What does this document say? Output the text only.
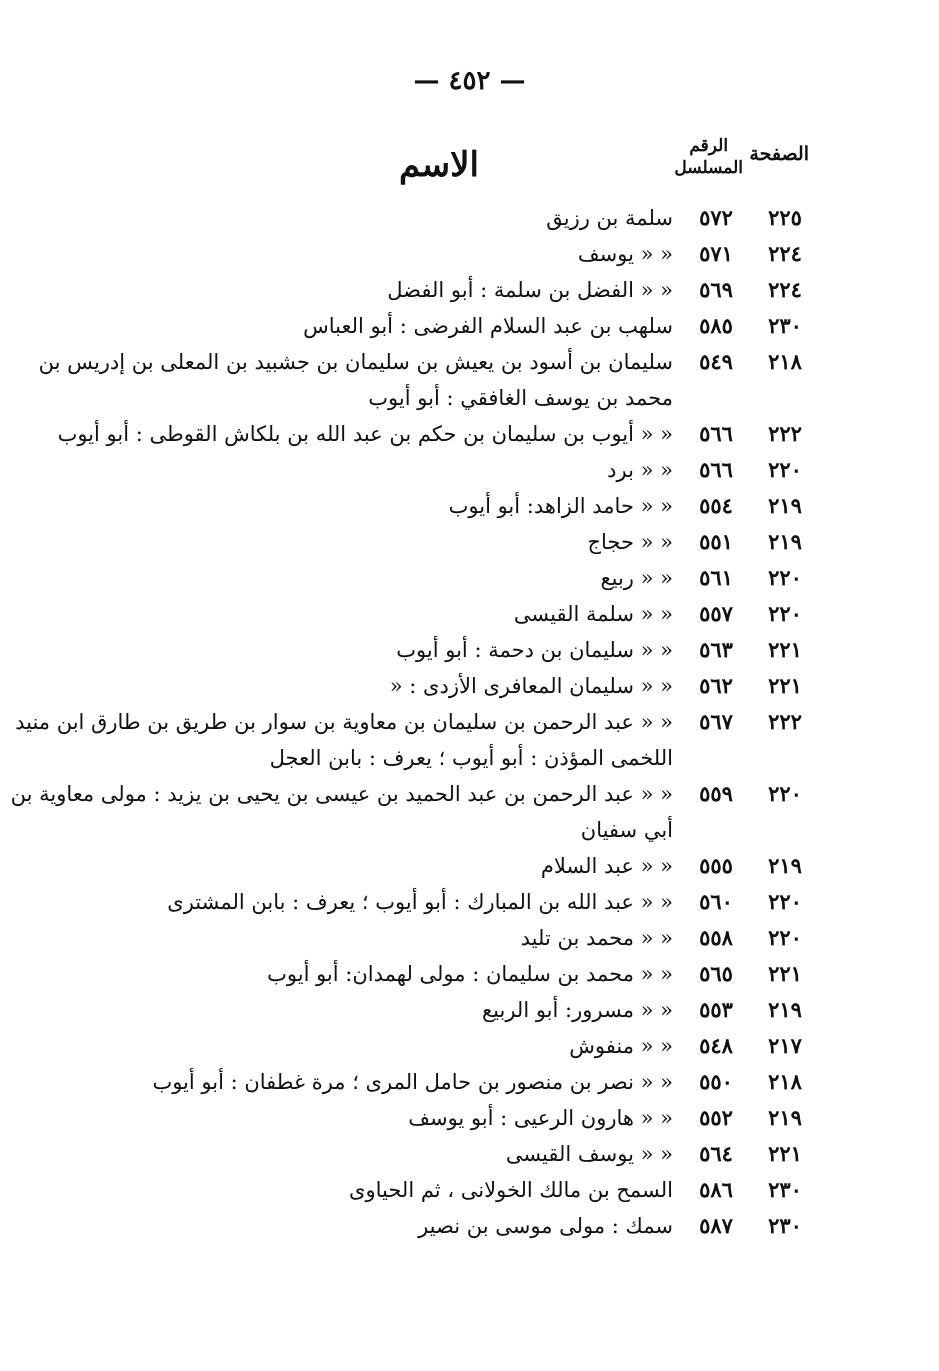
— ٤٥٢ —
الصفحة
الرقم
المسلسل
الاسم
٢٢٥
٥٧٢
سلمة بن رزيق
٢٢٤
٥٧١
« « يوسف
٢٢٤
٥٦٩
« « الفضل بن سلمة : أبو الفضل
٢٣٠
٥٨٥
سلهب بن عبد السلام الفرضى : أبو العباس
٢١٨
٥٤٩
سليمان بن أسود بن يعيش بن سليمان بن جشبيد بن المعلى بن إدريس بن محمد بن يوسف الغافقي : أبو أيوب
٢٢٢
٥٦٦
« « أيوب بن سليمان بن حكم بن عبد الله بن بلكاش القوطى : أبو أيوب
٢٢٠
٥٦٦
« « برد
٢١٩
٥٥٤
« « حامد الزاهد: أبو أيوب
٢١٩
٥٥١
« « حجاج
٢٢٠
٥٦١
« « ربيع
٢٢٠
٥٥٧
« « سلمة القيسى
٢٢١
٥٦٣
« « سليمان بن دحمة : أبو أيوب
٢٢١
٥٦٢
« « سليمان المعافرى الأزدى : «
٢٢٢
٥٦٧
« « عبد الرحمن بن سليمان بن معاوية بن سوار بن طريق بن طارق ابن منيد اللخمى المؤذن : أبو أيوب ؛ يعرف : بابن العجل
٢٢٠
٥٥٩
« « عبد الرحمن بن عبد الحميد بن عيسى بن يحيى بن يزيد : مولى معاوية بن أبي سفيان
٢١٩
٥٥٥
« « عبد السلام
٢٢٠
٥٦٠
« « عبد الله بن المبارك : أبو أيوب ؛ يعرف : بابن المشترى
٢٢٠
٥٥٨
« « محمد بن تليد
٢٢١
٥٦٥
« « محمد بن سليمان : مولى لهمدان: أبو أيوب
٢١٩
٥٥٣
« « مسرور: أبو الربيع
٢١٧
٥٤٨
« « منفوش
٢١٨
٥٥٠
« « نصر بن منصور بن حامل المرى ؛ مرة غطفان : أبو أيوب
٢١٩
٥٥٢
« « هارون الرعيى : أبو يوسف
٢٢١
٥٦٤
« « يوسف القيسى
٢٣٠
٥٨٦
السمح بن مالك الخولانى ، ثم الحياوى
٢٣٠
٥٨٧
سمك : مولى موسى بن نصير
